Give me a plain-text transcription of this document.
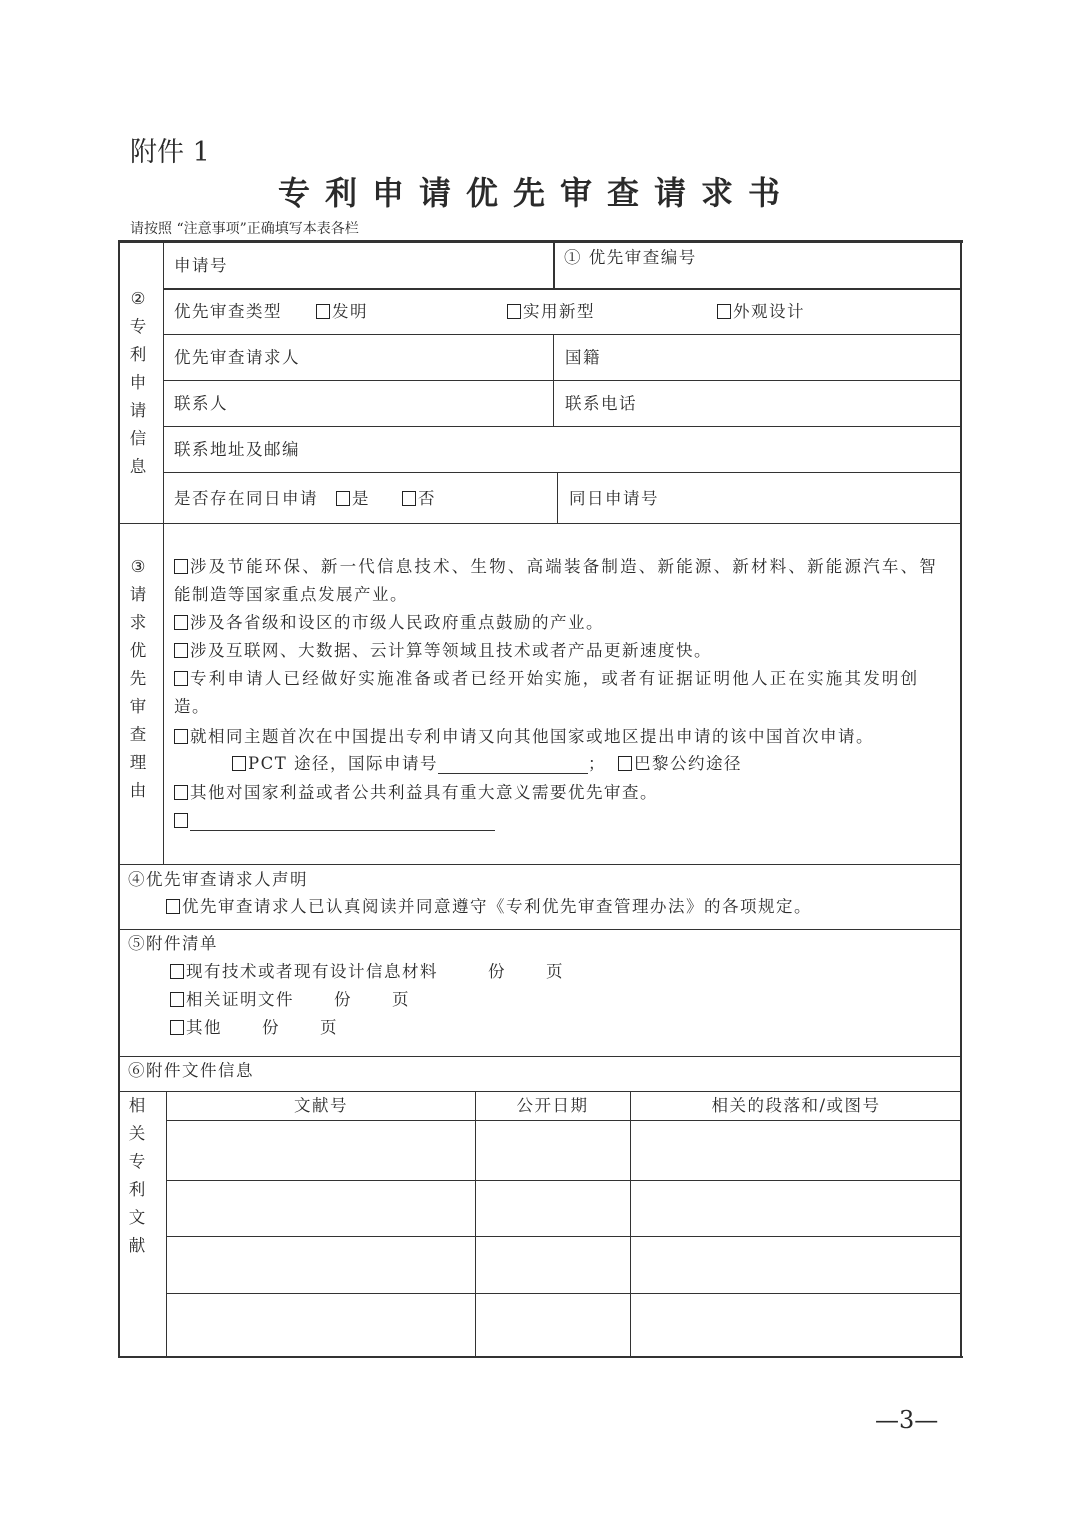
附件 1
专利申请优先审查请求书
请按照 “注意事项”正确填写本表各栏
②
专
利
申
请
信
息
申请号	① 优先审查编号
优先审查类型	发明	实用新型	外观设计
优先审查请求人	国籍
联系人	联系电话
联系地址及邮编
是否存在同日申请	是	否	同日申请号
③
请
求
优
先
审
查
理
由
涉及节能环保、新一代信息技术、生物、高端装备制造、新能源、新材料、新能源汽车、智
能制造等国家重点发展产业。
涉及各省级和设区的市级人民政府重点鼓励的产业。
涉及互联网、大数据、云计算等领域且技术或者产品更新速度快。
专利申请人已经做好实施准备或者已经开始实施，或者有证据证明他人正在实施其发明创
造。
就相同主题首次在中国提出专利申请又向其他国家或地区提出申请的该中国首次申请。
PCT 途径，国际申请号	；	巴黎公约途径
其他对国家利益或者公共利益具有重大意义需要优先审查。
④优先审查请求人声明
优先审查请求人已认真阅读并同意遵守《专利优先审查管理办法》的各项规定。
⑤附件清单
现有技术或者现有设计信息材料	份 页
相关证明文件 份 页
其他 份 页
⑥附件文件信息
相
关
专
利
文
献
文献号	公开日期	相关的段落和/或图号
—3—
